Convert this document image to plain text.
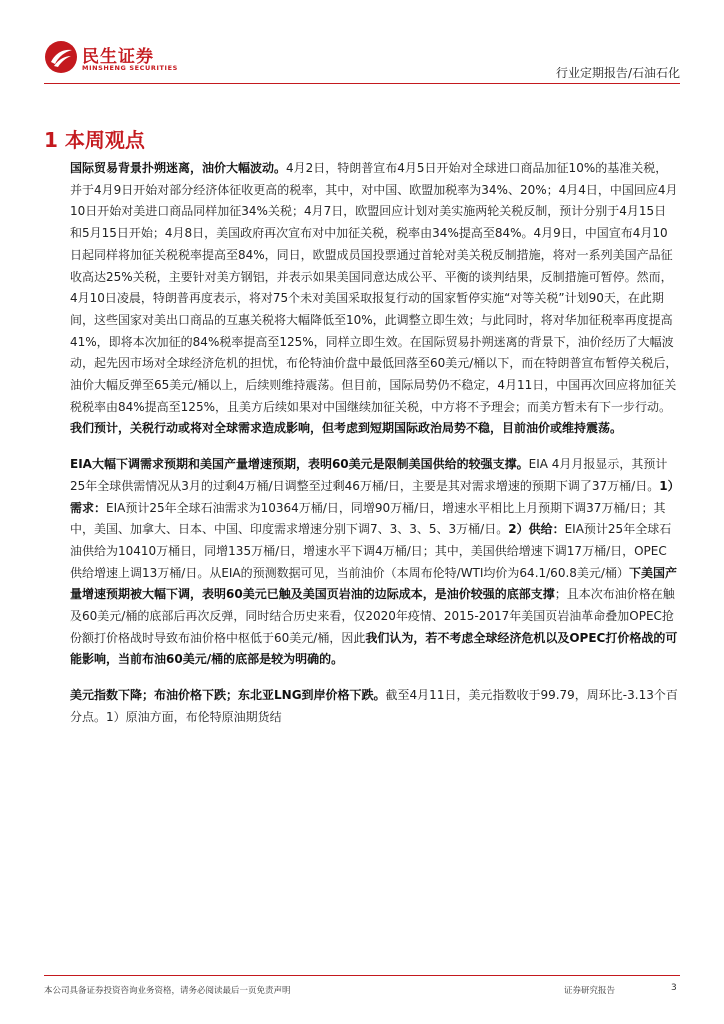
民生证券
MINSHENG SECURITIES	行业定期报告/石油石化
1 本周观点

国际贸易背景扑朔迷离，油价大幅波动。4月2日，特朗普宣布4月5日开始对全球进口商品加征10%的基准关税，并于4月9日开始对部分经济体征收更高的税率，其中，对中国、欧盟加税率为34%、20%；4月4日，中国回应4月10日开始对美进口商品同样加征34%关税；4月7日，欧盟回应计划对美实施两轮关税反制，预计分别于4月15日和5月15日开始；4月8日，美国政府再次宣布对中加征关税，税率由34%提高至84%。4月9日，中国宣布4月10日起同样将加征关税税率提高至84%，同日，欧盟成员国投票通过首轮对美关税反制措施，将对一系列美国产品征收高达25%关税，主要针对美方钢铝，并表示如果美国同意达成公平、平衡的谈判结果，反制措施可暂停。然而，4月10日凌晨，特朗普再度表示，将对75个未对美国采取报复行动的国家暂停实施“对等关税”计划90天，在此期间，这些国家对美出口商品的互惠关税将大幅降低至10%，此调整立即生效；与此同时，将对华加征税率再度提高41%，即将本次加征的84%税率提高至125%，同样立即生效。在国际贸易扑朔迷离的背景下，油价经历了大幅波动，起先因市场对全球经济危机的担忧，布伦特油价盘中最低回落至60美元/桶以下，而在特朗普宣布暂停关税后，油价大幅反弹至65美元/桶以上，后续则维持震荡。但目前，国际局势仍不稳定，4月11日，中国再次回应将加征关税税率由84%提高至125%，且美方后续如果对中国继续加征关税，中方将不予理会；而美方暂未有下一步行动。我们预计，关税行动或将对全球需求造成影响，但考虑到短期国际政治局势不稳，目前油价或维持震荡。

EIA大幅下调需求预期和美国产量增速预期，表明60美元是限制美国供给的较强支撑。EIA 4月月报显示，其预计25年全球供需情况从3月的过剩4万桶/日调整至过剩46万桶/日，主要是其对需求增速的预期下调了37万桶/日。1）需求：EIA预计25年全球石油需求为10364万桶/日，同增90万桶/日，增速水平相比上月预期下调37万桶/日；其中，美国、加拿大、日本、中国、印度需求增速分别下调7、3、3、5、3万桶/日。2）供给：EIA预计25年全球石油供给为10410万桶日，同增135万桶/日，增速水平下调4万桶/日；其中，美国供给增速下调17万桶/日，OPEC供给增速上调13万桶/日。从EIA的预测数据可见，当前油价（本周布伦特/WTI均价为64.1/60.8美元/桶）下美国产量增速预期被大幅下调，表明60美元已触及美国页岩油的边际成本，是油价较强的底部支撑；且本次布油价格在触及60美元/桶的底部后再次反弹，同时结合历史来看，仅2020年疫情、2015-2017年美国页岩油革命叠加OPEC抢份额打价格战时导致布油价格中枢低于60美元/桶，因此我们认为，若不考虑全球经济危机以及OPEC打价格战的可能影响，当前布油60美元/桶的底部是较为明确的。

美元指数下降；布油价格下跌；东北亚LNG到岸价格下跌。截至4月11日，美元指数收于99.79，周环比-3.13个百分点。1）原油方面，布伦特原油期货结

本公司具备证券投资咨询业务资格，请务必阅读最后一页免责声明	证券研究报告	3
